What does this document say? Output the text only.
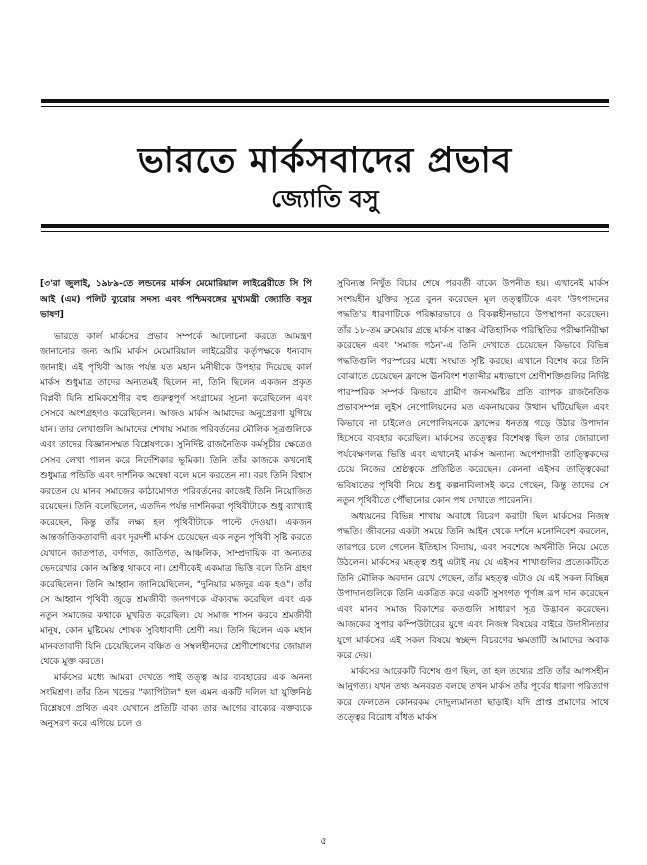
ভারতে মার্কসবাদের প্রভাব
জ্যোতি বসু

[৩'রা জুলাই, ১৯৮৯-তে লন্ডনের মার্কস মেমোরিয়াল লাইব্রেরীতে সি পি আই (এম) পলিট ব্যুরোর সদস্য এবং পশ্চিমবঙ্গের মুখ্যমন্ত্রী জ্যোতি বসুর ভাষণ]

ভারতে কার্ল মার্কসের প্রভাব সম্পর্কে আলোচনা করতে আমন্ত্রণ জানানোর জন্য আমি মার্কস মেমোরিয়াল লাইব্রেরীর কর্তৃপক্ষকে ধন্যবাদ জানাই। এই পৃথিবী আজ পর্যন্ত যত মহান মনীষীকে উপহার দিয়েছে কার্ল মার্কস শুধুমাত্র তাদের অন্যতমই ছিলেন না, তিনি ছিলেন একজন প্রকৃত বিপ্লবী যিনি শ্রমিকশ্রেণীর বহু গুরুত্বপূর্ণ সংগ্রামের সূচনা করেছিলেন এবং সেসবে অংশগ্রহণও করেছিলেন। আজও মার্কস আমাদের অনুপ্রেরণা যুগিয়ে যান। তার লেখাগুলি আমাদের শেখায় সমাজ পরিবর্তনের মৌলিক সূত্রগুলিকে এবং তাদের বিজ্ঞানসম্মত বিশ্লেষণকে। সুনির্দিষ্ট রাজনৈতিক কর্মসূচীর ক্ষেত্রেও সেসব লেখা পালন করে নির্দেশিকার ভূমিকা। তিনি তাঁর কাজকে কখনোই শুধুমাত্র পন্ডিতি এবং দার্শনিক অন্বেষা বলে মনে করতেন না। বরং তিনি বিশ্বাস করতেন যে মানব সমাজের কাঠামোগত পরিবর্তনের কাজেই তিনি নিয়োজিত রয়েছেন। তিনি বলেছিলেন, এতদিন পর্যন্ত দার্শনিকরা পৃথিবীটাকে শুধু ব্যাখ্যাই করেছেন, কিন্তু তাঁর লক্ষ্য হল পৃথিবীটাকে পাল্টে দেওয়া। একজন আন্তর্জাতিকতাবাদী এবং দূরদর্শী মার্কস চেয়েছেন এক নতুন পৃথিবী সৃষ্টি করতে যেখানে জাতপাত, বর্ণগত, জাতিগত, আঞ্চলিক, সাম্প্রদায়িক বা অন্যতর ভেদরেখার কোন অস্তিত্ব থাকবে না। শ্রেণীকেই একমাত্র ভিত্তি বলে তিনি গ্রহণ করেছিলেন। তিনি আহ্বান জানিয়েছিলেন, "দুনিয়ার মজদুর এক হও"। তাঁর সে আহ্বান পৃথিবী জুড়ে শ্রমজীবী জনগণকে ঐক্যবদ্ধ করেছিল এবং এক নতুন সমাজের কথাকে মুখরিত করেছিল। যে সমাজ শাসন করবে শ্রমজীবী মানুষ, কোন মুষ্টিমেয় শোষক সুবিধাবাদী শ্রেণী নয়। তিনি ছিলেন এক মহান মানবতাবাদী যিনি চেয়েছিলেন বঞ্চিত ও সম্বলহীনদের শ্রেণীশোষণের জোয়াল থেকে মুক্ত করতে।

মার্কসের মধ্যে আমরা দেখতে পাই তত্ত্ব আর ব্যবহারের এক অনন্য সংমিশ্রণ। তাঁর তিন খন্ডের "ক্যাপিটাল" হল এমন একটি দলিল যা যুক্তিনিষ্ঠ বিশ্লেষণে প্রথিত এবং যেখানে প্রতিটি বাক্য তার আগের বাক্যের বক্তব্যকে অনুসরণ করে এগিয়ে চলে ও

সুবিন্যস্ত নিখুঁত বিচার শেষে পরবর্তী বাক্যে উপনীত হয়। এখানেই মার্কস সংশয়হীন যুক্তির সূত্রে বুনন করেছেন মূল তত্ত্বটিকে এবং 'উৎপাদনের পদ্ধতি'র ধারণাটিকে পরিষ্কারভাবে ও বিকল্পহীনভাবে উপস্থাপনা করেছেন। তাঁর ১৮-তম ব্রুমেয়ার গ্রন্থে মার্কস বাস্তব ঐতিহাসিক পরিস্থিতির পরীক্ষানিরীক্ষা করেছেন এবং 'সমাজ গঠন'-এ তিনি দেখাতে চেয়েছেন কিভাবে বিভিন্ন পদ্ধতিগুলি পরস্পরের মধ্যে সংঘাত সৃষ্টি করছে। এখানে বিশেষ করে তিনি বোঝাতে চেয়েছেন ফ্রান্সে ঊনবিংশ শতাব্দীর মধ্যভাগে শ্রেণীশক্তিগুলির নির্দিষ্ট পারস্পরিক সম্পর্ক কিভাবে গ্রামীণ জনসমষ্টির প্রতি ব্যাপক রাজনৈতিক প্রভাবসম্পন্ন লুইস নেপোলিয়নের মত একনায়কের উত্থান ঘটিয়েছিল এবং কিভাবে না চাইলেও নেপোলিয়নকে ফ্রান্সের ধনতন্ত্র গড়ে উঠার উপাদান হিসেবে ব্যবহার করেছিল। মার্কসের তত্ত্বের বিশেষত্ব ছিল তার জোরালো পর্যবেক্ষণলব্ধ ভিত্তি এবং এখানেই মার্কস অন্যান্য অপেশাদারী তাত্ত্বিকদের চেয়ে নিজের শ্রেষ্ঠত্বকে প্রতিষ্ঠিত করেছেন। কেননা এইসব তাত্ত্বিকেরা ভবিষ্যতের পৃথিবী নিয়ে শুধু কল্পনাবিলাসই করে গেছেন, কিন্তু তাদের সে নতুন পৃথিবীতে পৌঁছানোর কোন পথ দেখাতে পারেননি।

অধ্যয়নের বিভিন্ন শাখায় অবাধে বিচরণ করাটা ছিল মার্কসের নিজস্ব পদ্ধতি। জীবনের একটা সময়ে তিনি আইন থেকে দর্শনে মনোনিবেশ করলেন, তারপরে চলে গেলেন ইতিহাস বিদ্যায়, এবং সবশেষে অর্থনীতি নিয়ে মেতে উঠলেন। মার্কসের মহত্ত্ব শুধু এটাই নয় যে এইসব শাখাগুলির প্রত্যেকটিতে তিনি মৌলিক অবদান রেখে গেছেন, তাঁর মহত্ত্ব এটাও যে এই সকল বিচ্ছিন্ন উপাদানগুলিকে তিনি একত্রিত করে একটি সুসংগত পূর্ণাঙ্গ রূপ দান করেছেন এবং মানব সমাজ বিকাশের কতগুলি সাধারণ সূত্র উদ্ভাবন করেছেন। আজকের সুপার কম্পিউটারের যুগে এবং নিজস্ব বিষয়ের বাইরে উদাসীনতার যুগে মার্কসের এই সকল বিষয়ে স্বচ্ছন্দ বিচরণের ক্ষমতাটি আমাদের অবাক করে দেয়।

মার্কসের আরেকটি বিশেষ গুণ ছিল, তা হল তথ্যের প্রতি তাঁর আপসহীন আনুগত্য। যখন তথ্য অনবরত বলছে তখন মার্কস তাঁর পূর্বের ধারণা পরিত্যাগ করে ফেলতেন কোনরকম দোদুল্যমানতা ছাড়াই। যদি প্রাপ্ত প্রমাণের সাথে তত্ত্বের বিরোধ বাঁধত মার্কস

৫
